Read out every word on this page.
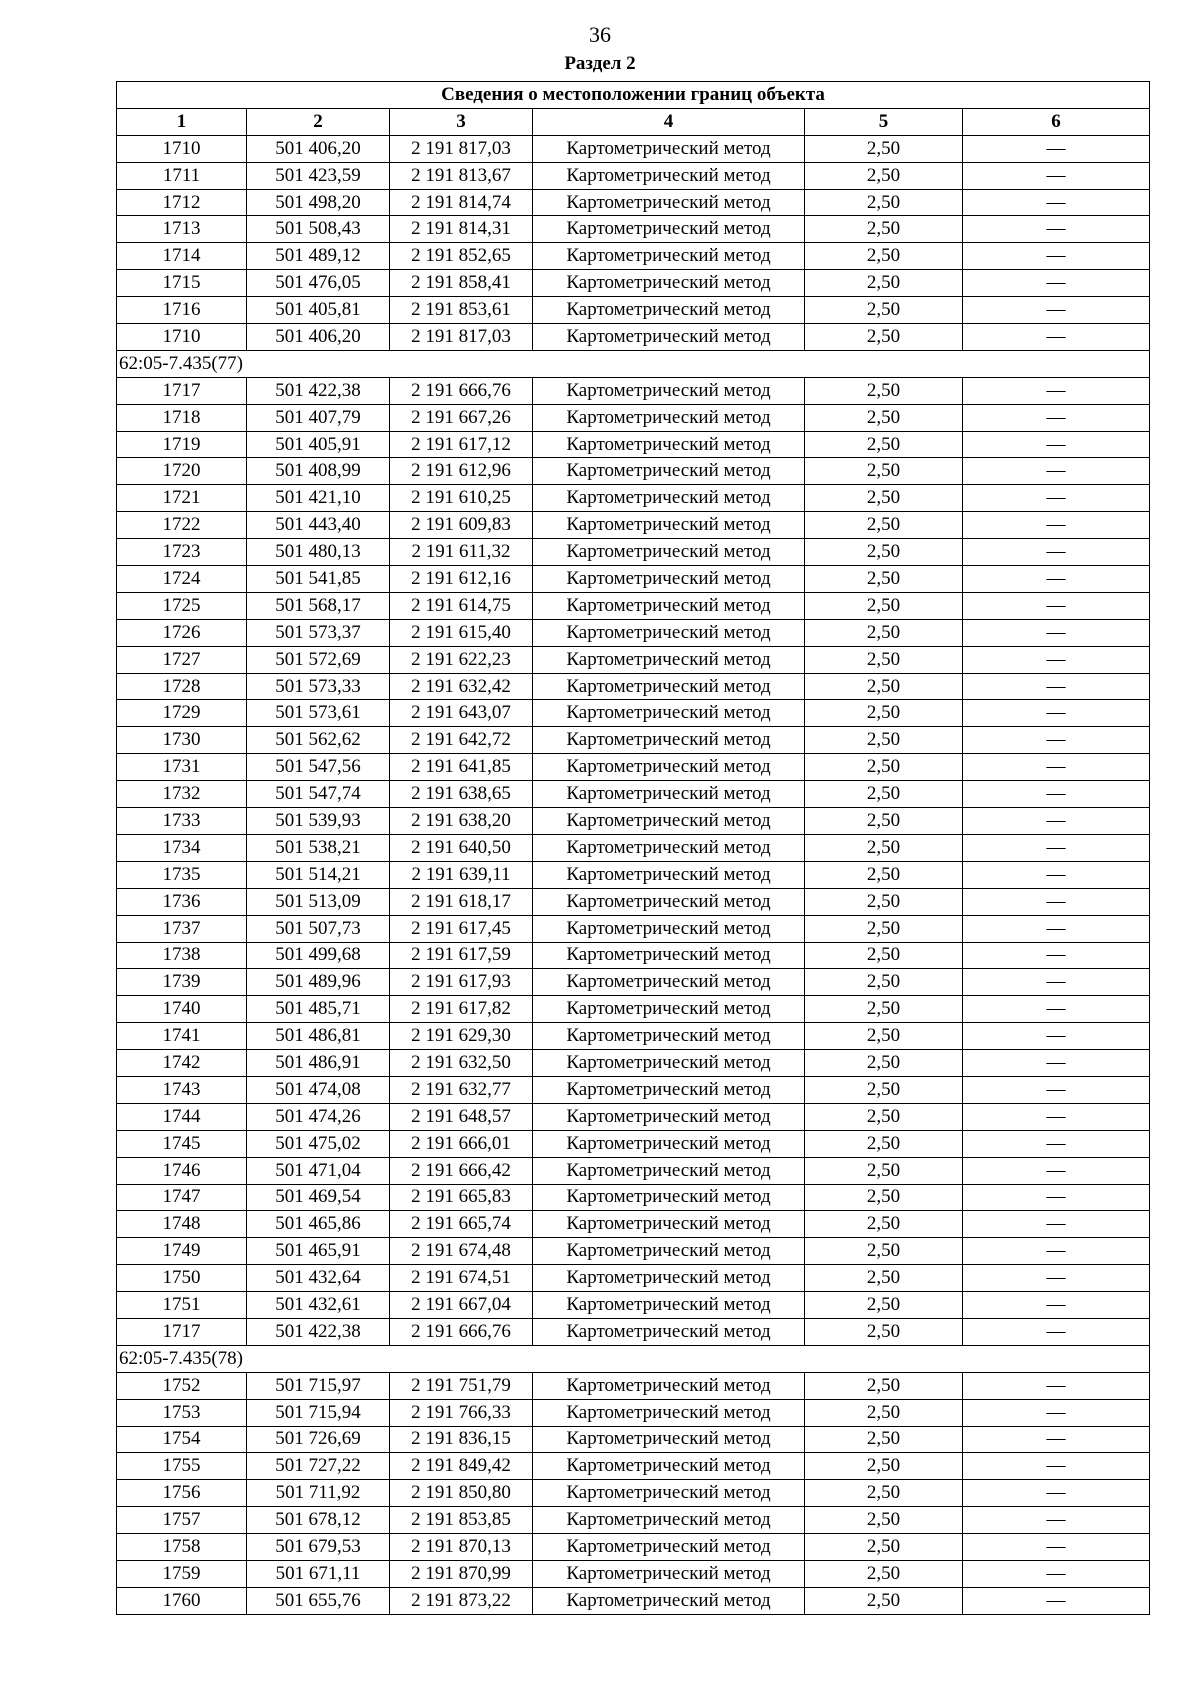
36
Раздел 2
Сведения о местоположении границ объекта					
1	2	3	4	5	6
1710	501 406,20	2 191 817,03	Картометрический метод	2,50	—
1711	501 423,59	2 191 813,67	Картометрический метод	2,50	—
1712	501 498,20	2 191 814,74	Картометрический метод	2,50	—
1713	501 508,43	2 191 814,31	Картометрический метод	2,50	—
1714	501 489,12	2 191 852,65	Картометрический метод	2,50	—
1715	501 476,05	2 191 858,41	Картометрический метод	2,50	—
1716	501 405,81	2 191 853,61	Картометрический метод	2,50	—
1710	501 406,20	2 191 817,03	Картометрический метод	2,50	—
62:05-7.435(77)					
1717	501 422,38	2 191 666,76	Картометрический метод	2,50	—
1718	501 407,79	2 191 667,26	Картометрический метод	2,50	—
1719	501 405,91	2 191 617,12	Картометрический метод	2,50	—
1720	501 408,99	2 191 612,96	Картометрический метод	2,50	—
1721	501 421,10	2 191 610,25	Картометрический метод	2,50	—
1722	501 443,40	2 191 609,83	Картометрический метод	2,50	—
1723	501 480,13	2 191 611,32	Картометрический метод	2,50	—
1724	501 541,85	2 191 612,16	Картометрический метод	2,50	—
1725	501 568,17	2 191 614,75	Картометрический метод	2,50	—
1726	501 573,37	2 191 615,40	Картометрический метод	2,50	—
1727	501 572,69	2 191 622,23	Картометрический метод	2,50	—
1728	501 573,33	2 191 632,42	Картометрический метод	2,50	—
1729	501 573,61	2 191 643,07	Картометрический метод	2,50	—
1730	501 562,62	2 191 642,72	Картометрический метод	2,50	—
1731	501 547,56	2 191 641,85	Картометрический метод	2,50	—
1732	501 547,74	2 191 638,65	Картометрический метод	2,50	—
1733	501 539,93	2 191 638,20	Картометрический метод	2,50	—
1734	501 538,21	2 191 640,50	Картометрический метод	2,50	—
1735	501 514,21	2 191 639,11	Картометрический метод	2,50	—
1736	501 513,09	2 191 618,17	Картометрический метод	2,50	—
1737	501 507,73	2 191 617,45	Картометрический метод	2,50	—
1738	501 499,68	2 191 617,59	Картометрический метод	2,50	—
1739	501 489,96	2 191 617,93	Картометрический метод	2,50	—
1740	501 485,71	2 191 617,82	Картометрический метод	2,50	—
1741	501 486,81	2 191 629,30	Картометрический метод	2,50	—
1742	501 486,91	2 191 632,50	Картометрический метод	2,50	—
1743	501 474,08	2 191 632,77	Картометрический метод	2,50	—
1744	501 474,26	2 191 648,57	Картометрический метод	2,50	—
1745	501 475,02	2 191 666,01	Картометрический метод	2,50	—
1746	501 471,04	2 191 666,42	Картометрический метод	2,50	—
1747	501 469,54	2 191 665,83	Картометрический метод	2,50	—
1748	501 465,86	2 191 665,74	Картометрический метод	2,50	—
1749	501 465,91	2 191 674,48	Картометрический метод	2,50	—
1750	501 432,64	2 191 674,51	Картометрический метод	2,50	—
1751	501 432,61	2 191 667,04	Картометрический метод	2,50	—
1717	501 422,38	2 191 666,76	Картометрический метод	2,50	—
62:05-7.435(78)					
1752	501 715,97	2 191 751,79	Картометрический метод	2,50	—
1753	501 715,94	2 191 766,33	Картометрический метод	2,50	—
1754	501 726,69	2 191 836,15	Картометрический метод	2,50	—
1755	501 727,22	2 191 849,42	Картометрический метод	2,50	—
1756	501 711,92	2 191 850,80	Картометрический метод	2,50	—
1757	501 678,12	2 191 853,85	Картометрический метод	2,50	—
1758	501 679,53	2 191 870,13	Картометрический метод	2,50	—
1759	501 671,11	2 191 870,99	Картометрический метод	2,50	—
1760	501 655,76	2 191 873,22	Картометрический метод	2,50	—
